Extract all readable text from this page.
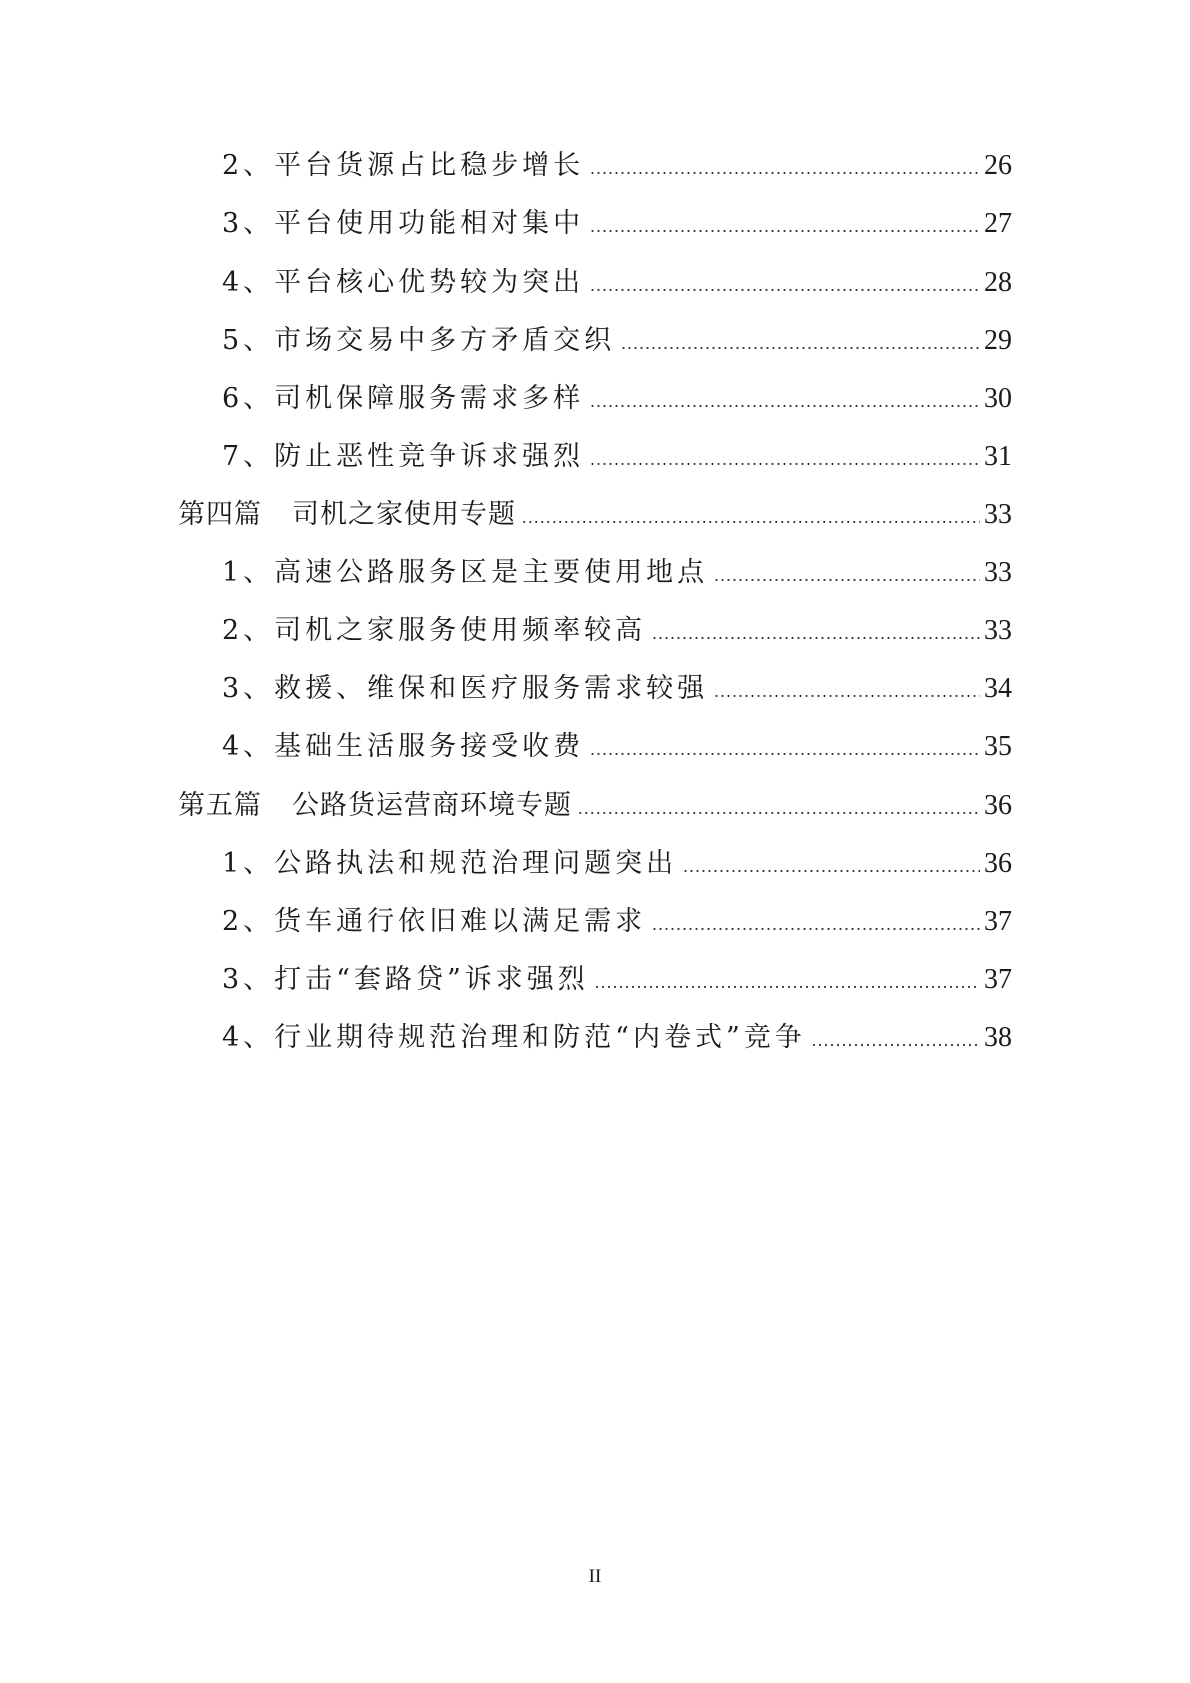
2、平台货源占比稳步增长 .....	26
3、平台使用功能相对集中 .....	27
4、平台核心优势较为突出 .....	28
5、市场交易中多方矛盾交织 .....	29
6、司机保障服务需求多样 .....	30
7、防止恶性竞争诉求强烈 .....	31
第四篇 司机之家使用专题 .....	33
1、高速公路服务区是主要使用地点 .....	33
2、司机之家服务使用频率较高 .....	33
3、救援、维保和医疗服务需求较强 .....	34
4、基础生活服务接受收费 .....	35
第五篇 公路货运营商环境专题 .....	36
1、公路执法和规范治理问题突出 .....	36
2、货车通行依旧难以满足需求 .....	37
3、打击“套路贷”诉求强烈 .....	37
4、行业期待规范治理和防范“内卷式”竞争 .....	38
II
